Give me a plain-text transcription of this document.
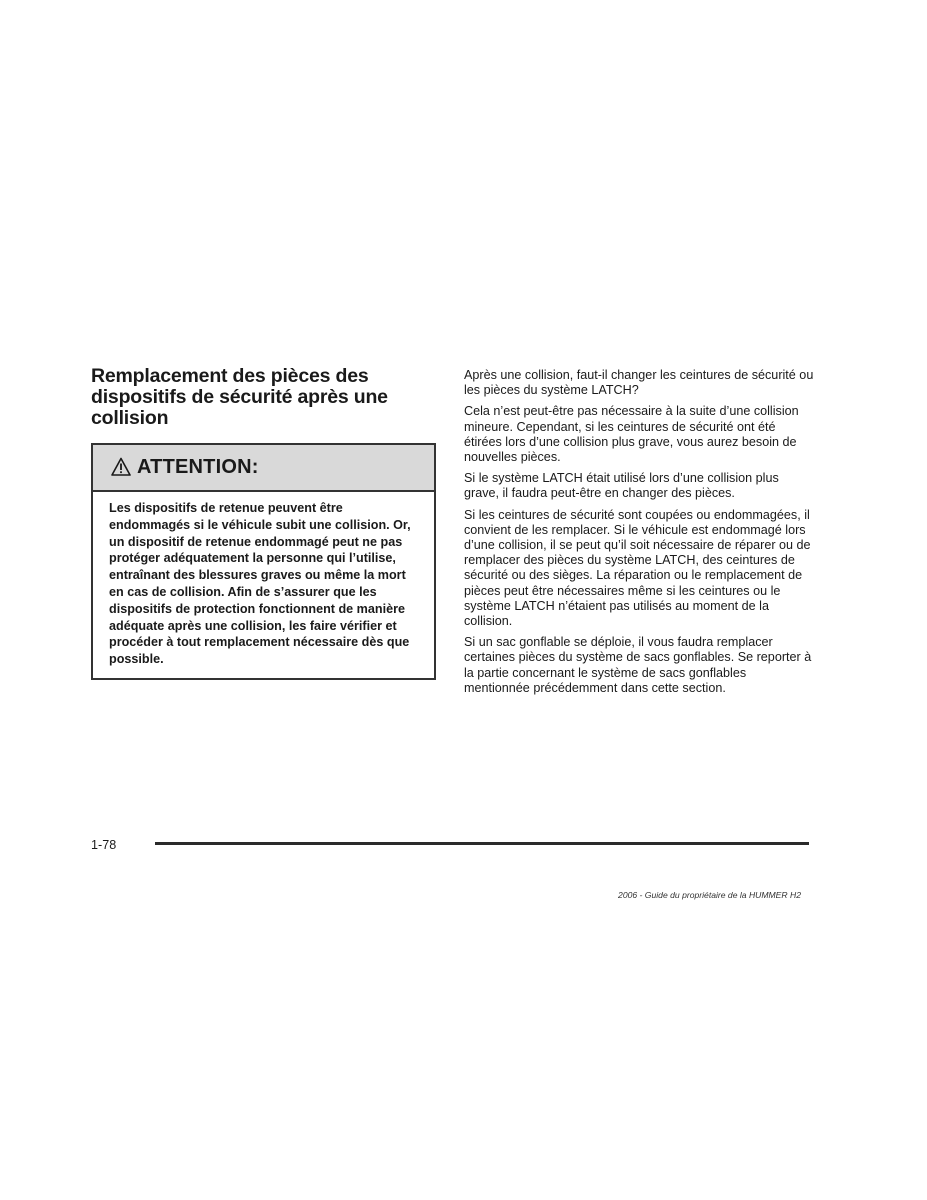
Remplacement des pièces des dispositifs de sécurité après une collision
ATTENTION:
Les dispositifs de retenue peuvent être endommagés si le véhicule subit une collision. Or, un dispositif de retenue endommagé peut ne pas protéger adéquatement la personne qui l’utilise, entraînant des blessures graves ou même la mort en cas de collision. Afin de s’assurer que les dispositifs de protection fonctionnent de manière adéquate après une collision, les faire vérifier et procéder à tout remplacement nécessaire dès que possible.

Après une collision, faut-il changer les ceintures de sécurité ou les pièces du système LATCH?

Cela n’est peut-être pas nécessaire à la suite d’une collision mineure. Cependant, si les ceintures de sécurité ont été étirées lors d’une collision plus grave, vous aurez besoin de nouvelles pièces.

Si le système LATCH était utilisé lors d’une collision plus grave, il faudra peut-être en changer des pièces.

Si les ceintures de sécurité sont coupées ou endommagées, il convient de les remplacer. Si le véhicule est endommagé lors d’une collision, il se peut qu’il soit nécessaire de réparer ou de remplacer des pièces du système LATCH, des ceintures de sécurité ou des sièges. La réparation ou le remplacement de pièces peut être nécessaires même si les ceintures ou le système LATCH n’étaient pas utilisés au moment de la collision.

Si un sac gonflable se déploie, il vous faudra remplacer certaines pièces du système de sacs gonflables. Se reporter à la partie concernant le système de sacs gonflables mentionnée précédemment dans cette section.

1-78
2006 - Guide du propriétaire de la HUMMER H2
